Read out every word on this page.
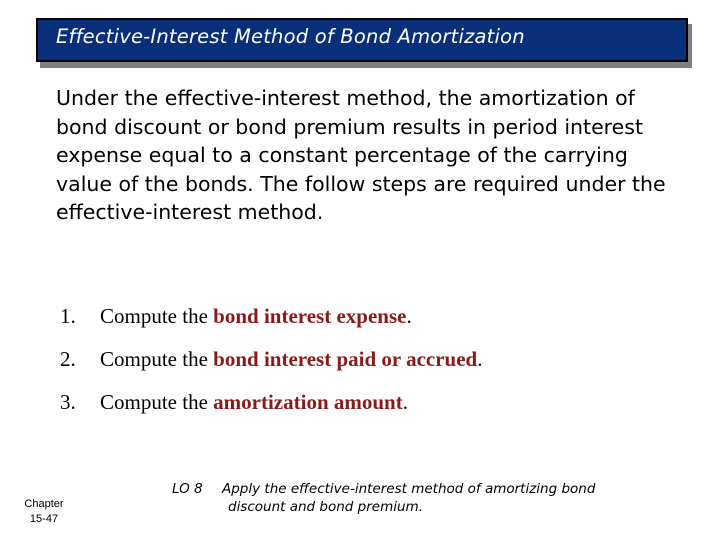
Effective-Interest Method of Bond Amortization

Under the effective-interest method, the amortization of bond discount or bond premium results in period interest expense equal to a constant percentage of the carrying value of the bonds. The follow steps are required under the effective-interest method.

1. Compute the bond interest expense.
2. Compute the bond interest paid or accrued.
3. Compute the amortization amount.
Chapter
15-47
LO 8 Apply the effective-interest method of amortizing bond
discount and bond premium.
